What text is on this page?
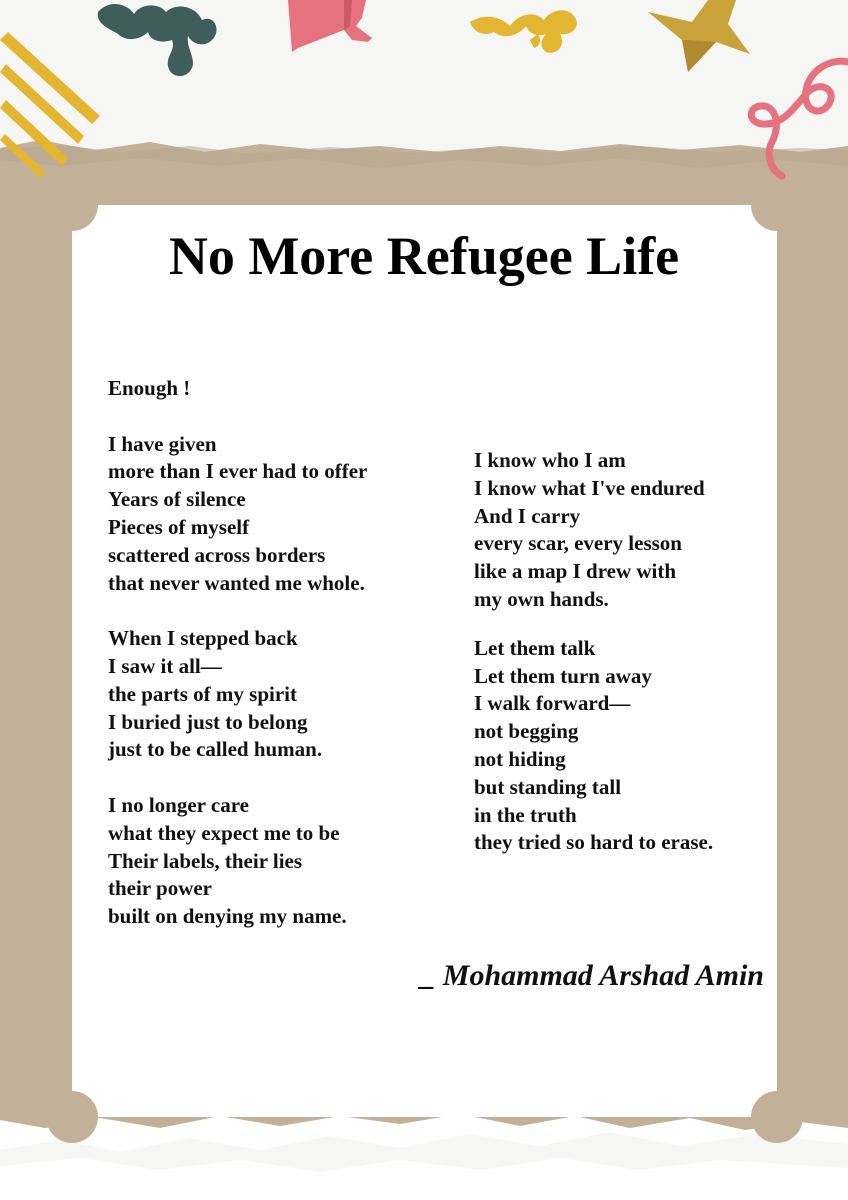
No More Refugee Life
Enough !
I have given
more than I ever had to offer
Years of silence
Pieces of myself
scattered across borders
that never wanted me whole.
When I stepped back
I saw it all—
the parts of my spirit
I buried just to belong
just to be called human.
I no longer care
what they expect me to be
Their labels, their lies
their power
built on denying my name.
I know who I am
I know what I've endured
And I carry
every scar, every lesson
like a map I drew with
my own hands.
Let them talk
Let them turn away
I walk forward—
not begging
not hiding
but standing tall
in the truth
they tried so hard to erase.
_ Mohammad Arshad Amin
